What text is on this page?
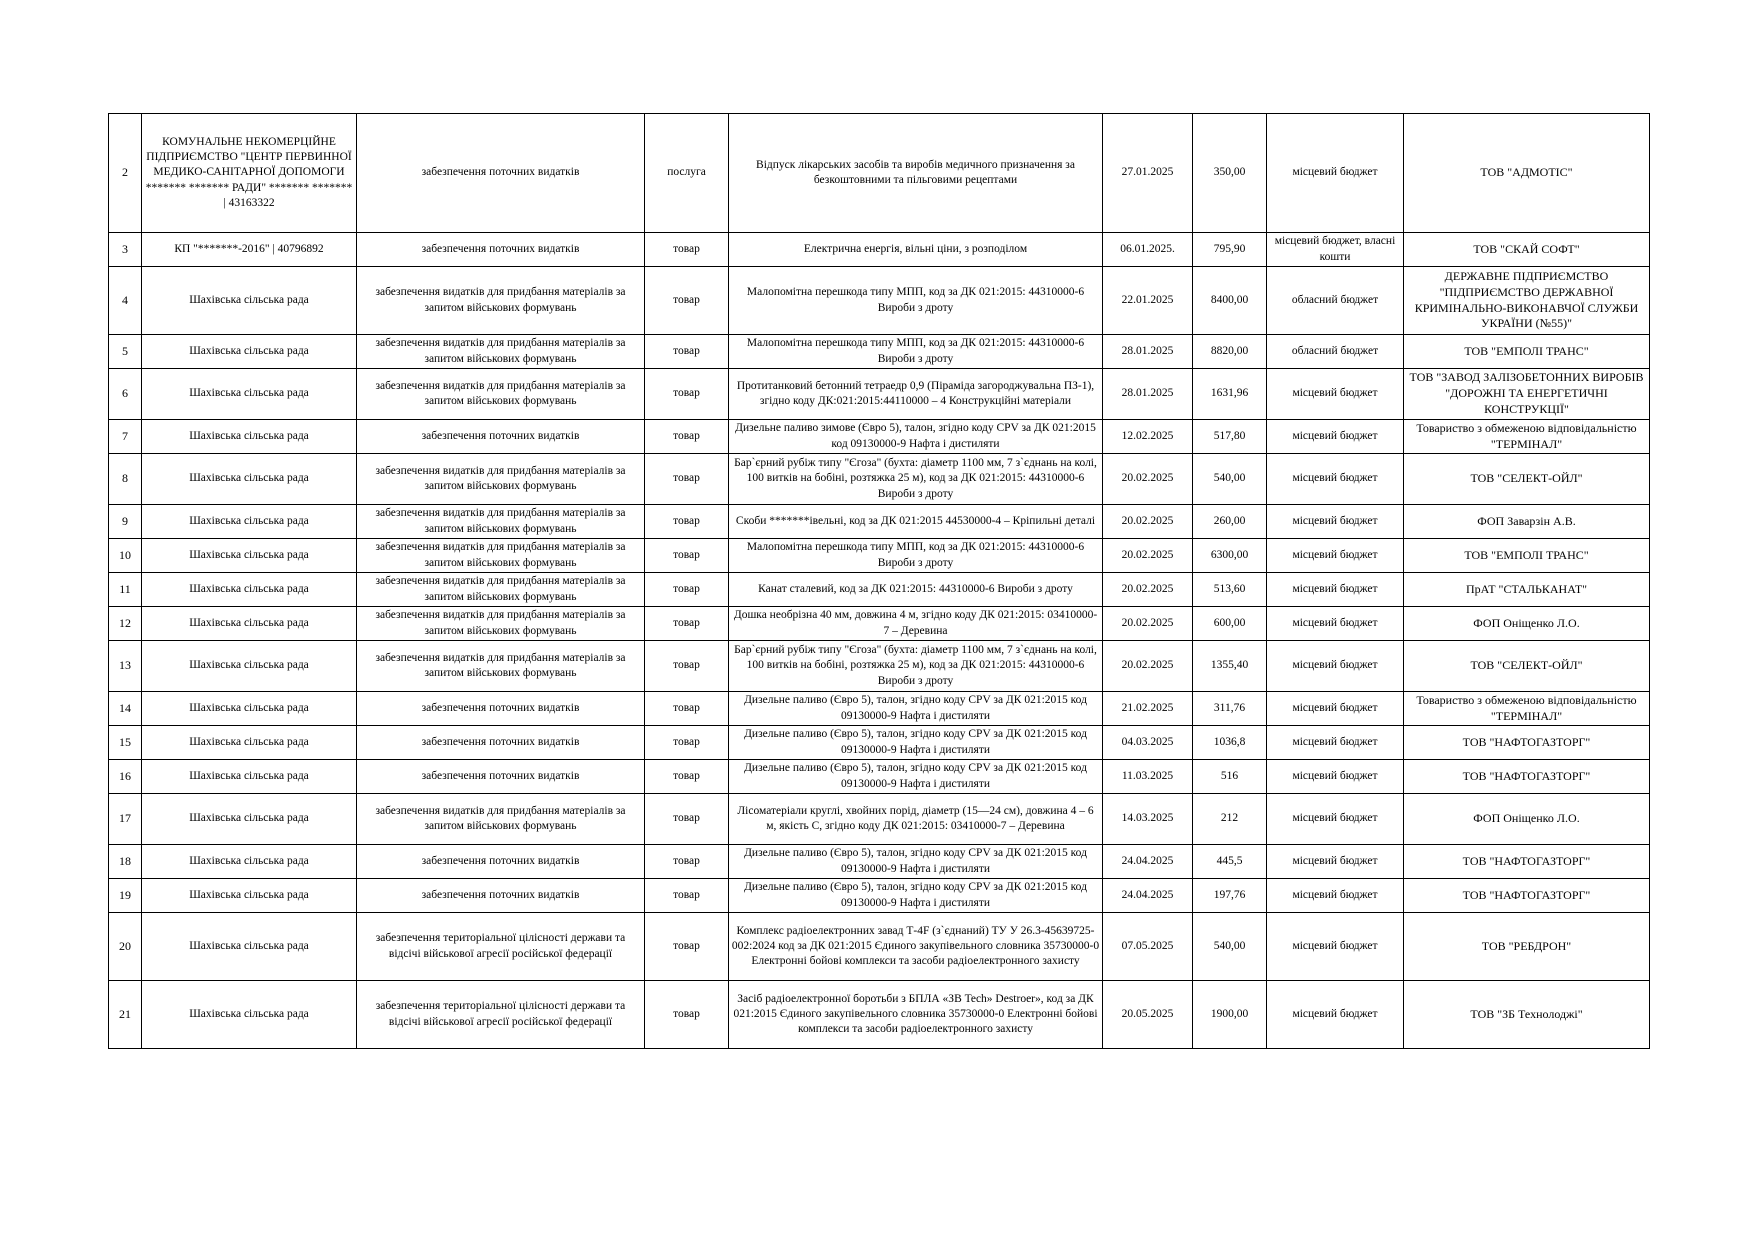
2	КОМУНАЛЬНЕ НЕКОМЕРЦІЙНЕ ПІДПРИЄМСТВО "ЦЕНТР ПЕРВИННОЇ МЕДИКО-САНІТАРНОЇ ДОПОМОГИ ******* ******* РАДИ" ******* ******* | 43163322	забезпечення поточних видатків	послуга	Відпуск лікарських засобів та виробів медичного призначення за безкоштовними та пільговими рецептами	27.01.2025	350,00	місцевий бюджет	ТОВ "АДМОТІС"
3	КП "*******-2016" | 40796892	забезпечення поточних видатків	товар	Електрична енергія, вільні ціни, з розподілом	06.01.2025.	795,90	місцевий бюджет, власні кошти	ТОВ "СКАЙ СОФТ"
4	Шахівська сільська рада	забезпечення видатків для придбання матеріалів за запитом військових формувань	товар	Малопомітна перешкода типу МПП, код за ДК 021:2015: 44310000-6 Вироби з дроту	22.01.2025	8400,00	обласний бюджет	ДЕРЖАВНЕ ПІДПРИЄМСТВО "ПІДПРИЄМСТВО ДЕРЖАВНОЇ КРИМІНАЛЬНО-ВИКОНАВЧОЇ СЛУЖБИ УКРАЇНИ (№55)"
5	Шахівська сільська рада	забезпечення видатків для придбання матеріалів за запитом військових формувань	товар	Малопомітна перешкода типу МПП, код за ДК 021:2015: 44310000-6 Вироби з дроту	28.01.2025	8820,00	обласний бюджет	ТОВ "ЕМПОЛІ ТРАНС"
6	Шахівська сільська рада	забезпечення видатків для придбання матеріалів за запитом військових формувань	товар	Протитанковий бетонний тетраедр 0,9 (Піраміда загороджувальна ПЗ-1), згідно коду ДК:021:2015:44110000 – 4 Конструкційні матеріали	28.01.2025	1631,96	місцевий бюджет	ТОВ "ЗАВОД ЗАЛІЗОБЕТОННИХ ВИРОБІВ "ДОРОЖНІ ТА ЕНЕРГЕТИЧНІ КОНСТРУКЦІЇ"
7	Шахівська сільська рада	забезпечення поточних видатків	товар	Дизельне паливо зимове (Євро 5), талон, згідно коду CPV за ДК 021:2015 код 09130000-9 Нафта і дистиляти	12.02.2025	517,80	місцевий бюджет	Товариство з обмеженою відповідальністю "ТЕРМІНАЛ"
8	Шахівська сільська рада	забезпечення видатків для придбання матеріалів за запитом військових формувань	товар	Бар`єрний рубіж типу "Єгоза" (бухта: діаметр 1100 мм, 7 з`єднань на колі, 100 витків на бобіні, розтяжка 25 м), код за ДК 021:2015: 44310000-6 Вироби з дроту	20.02.2025	540,00	місцевий бюджет	ТОВ "СЕЛЕКТ-ОЙЛ"
9	Шахівська сільська рада	забезпечення видатків для придбання матеріалів за запитом військових формувань	товар	Скоби *******івельні, код за ДК 021:2015 44530000-4 – Кріпильні деталі	20.02.2025	260,00	місцевий бюджет	ФОП Заварзін А.В.
10	Шахівська сільська рада	забезпечення видатків для придбання матеріалів за запитом військових формувань	товар	Малопомітна перешкода типу МПП, код за ДК 021:2015: 44310000-6 Вироби з дроту	20.02.2025	6300,00	місцевий бюджет	ТОВ "ЕМПОЛІ ТРАНС"
11	Шахівська сільська рада	забезпечення видатків для придбання матеріалів за запитом військових формувань	товар	Канат сталевий, код за ДК 021:2015: 44310000-6 Вироби з дроту	20.02.2025	513,60	місцевий бюджет	ПрАТ "СТАЛЬКАНАТ"
12	Шахівська сільська рада	забезпечення видатків для придбання матеріалів за запитом військових формувань	товар	Дошка необрізна 40 мм, довжина 4 м, згідно коду ДК 021:2015: 03410000-7 – Деревина	20.02.2025	600,00	місцевий бюджет	ФОП Оніщенко Л.О.
13	Шахівська сільська рада	забезпечення видатків для придбання матеріалів за запитом військових формувань	товар	Бар`єрний рубіж типу "Єгоза" (бухта: діаметр 1100 мм, 7 з`єднань на колі, 100 витків на бобіні, розтяжка 25 м), код за ДК 021:2015: 44310000-6 Вироби з дроту	20.02.2025	1355,40	місцевий бюджет	ТОВ "СЕЛЕКТ-ОЙЛ"
14	Шахівська сільська рада	забезпечення поточних видатків	товар	Дизельне паливо (Євро 5), талон, згідно коду CPV за ДК 021:2015 код 09130000-9 Нафта і дистиляти	21.02.2025	311,76	місцевий бюджет	Товариство з обмеженою відповідальністю "ТЕРМІНАЛ"
15	Шахівська сільська рада	забезпечення поточних видатків	товар	Дизельне паливо (Євро 5), талон, згідно коду CPV за ДК 021:2015 код 09130000-9 Нафта і дистиляти	04.03.2025	1036,8	місцевий бюджет	ТОВ "НАФТОГАЗТОРГ"
16	Шахівська сільська рада	забезпечення поточних видатків	товар	Дизельне паливо (Євро 5), талон, згідно коду CPV за ДК 021:2015 код 09130000-9 Нафта і дистиляти	11.03.2025	516	місцевий бюджет	ТОВ "НАФТОГАЗТОРГ"
17	Шахівська сільська рада	забезпечення видатків для придбання матеріалів за запитом військових формувань	товар	Лісоматеріали круглі, хвойних порід, діаметр (15—24 см), довжина 4 – 6 м, якість С, згідно коду ДК 021:2015: 03410000-7 – Деревина	14.03.2025	212	місцевий бюджет	ФОП Оніщенко Л.О.
18	Шахівська сільська рада	забезпечення поточних видатків	товар	Дизельне паливо (Євро 5), талон, згідно коду CPV за ДК 021:2015 код 09130000-9 Нафта і дистиляти	24.04.2025	445,5	місцевий бюджет	ТОВ "НАФТОГАЗТОРГ"
19	Шахівська сільська рада	забезпечення поточних видатків	товар	Дизельне паливо (Євро 5), талон, згідно коду CPV за ДК 021:2015 код 09130000-9 Нафта і дистиляти	24.04.2025	197,76	місцевий бюджет	ТОВ "НАФТОГАЗТОРГ"
20	Шахівська сільська рада	забезпечення територіальної цілісності держави та відсічі військової агресії російської федерації	товар	Комплекс радіоелектронних завад Т-4F (з`єднаний) ТУ У 26.3-45639725-002:2024 код за ДК 021:2015 Єдиного закупівельного словника 35730000-0 Електронні бойові комплекси та засоби радіоелектронного захисту	07.05.2025	540,00	місцевий бюджет	ТОВ "РЕБДРОН"
21	Шахівська сільська рада	забезпечення територіальної цілісності держави та відсічі військової агресії російської федерації	товар	Засіб радіоелектронної боротьби з БПЛА «ЗВ Tech» Destroer», код за ДК 021:2015 Єдиного закупівельного словника 35730000-0 Електронні бойові комплекси та засоби радіоелектронного захисту	20.05.2025	1900,00	місцевий бюджет	ТОВ "ЗБ Технолоджі"
